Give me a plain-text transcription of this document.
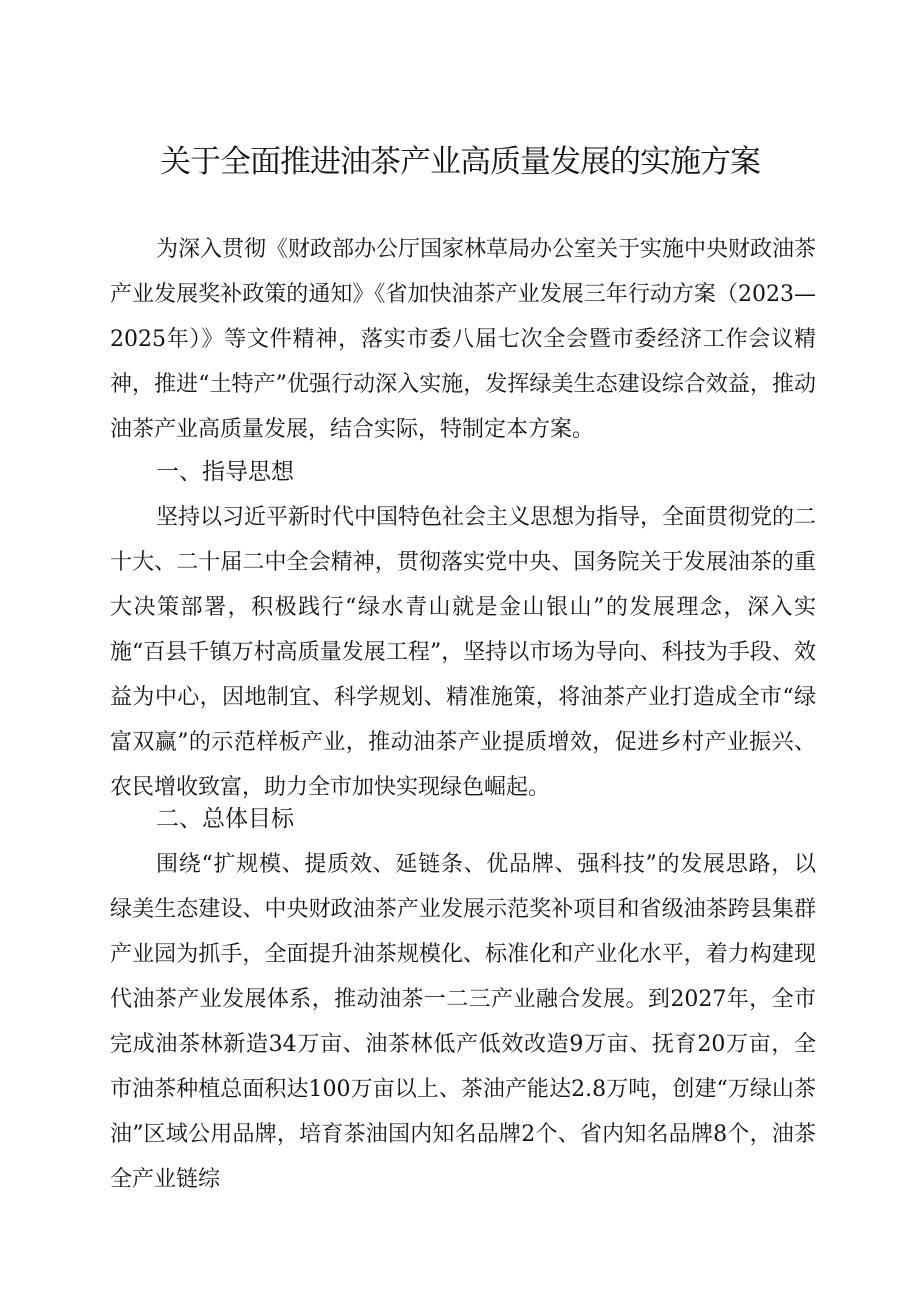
关于全面推进油茶产业高质量发展的实施方案

为深入贯彻《财政部办公厅国家林草局办公室关于实施中央财政油茶产业发展奖补政策的通知》《省加快油茶产业发展三年行动方案（2023—2025年）》等文件精神，落实市委八届七次全会暨市委经济工作会议精神，推进“土特产”优强行动深入实施，发挥绿美生态建设综合效益，推动油茶产业高质量发展，结合实际，特制定本方案。

一、指导思想

坚持以习近平新时代中国特色社会主义思想为指导，全面贯彻党的二十大、二十届二中全会精神，贯彻落实党中央、国务院关于发展油茶的重大决策部署，积极践行“绿水青山就是金山银山”的发展理念，深入实施“百县千镇万村高质量发展工程”，坚持以市场为导向、科技为手段、效益为中心，因地制宜、科学规划、精准施策，将油茶产业打造成全市“绿富双赢”的示范样板产业，推动油茶产业提质增效，促进乡村产业振兴、农民增收致富，助力全市加快实现绿色崛起。

二、总体目标

围绕“扩规模、提质效、延链条、优品牌、强科技”的发展思路，以绿美生态建设、中央财政油茶产业发展示范奖补项目和省级油茶跨县集群产业园为抓手，全面提升油茶规模化、标准化和产业化水平，着力构建现代油茶产业发展体系，推动油茶一二三产业融合发展。到2027年，全市完成油茶林新造34万亩、油茶林低产低效改造9万亩、抚育20万亩，全市油茶种植总面积达100万亩以上、茶油产能达2.8万吨，创建“万绿山茶油”区域公用品牌，培育茶油国内知名品牌2个、省内知名品牌8个，油茶全产业链综
